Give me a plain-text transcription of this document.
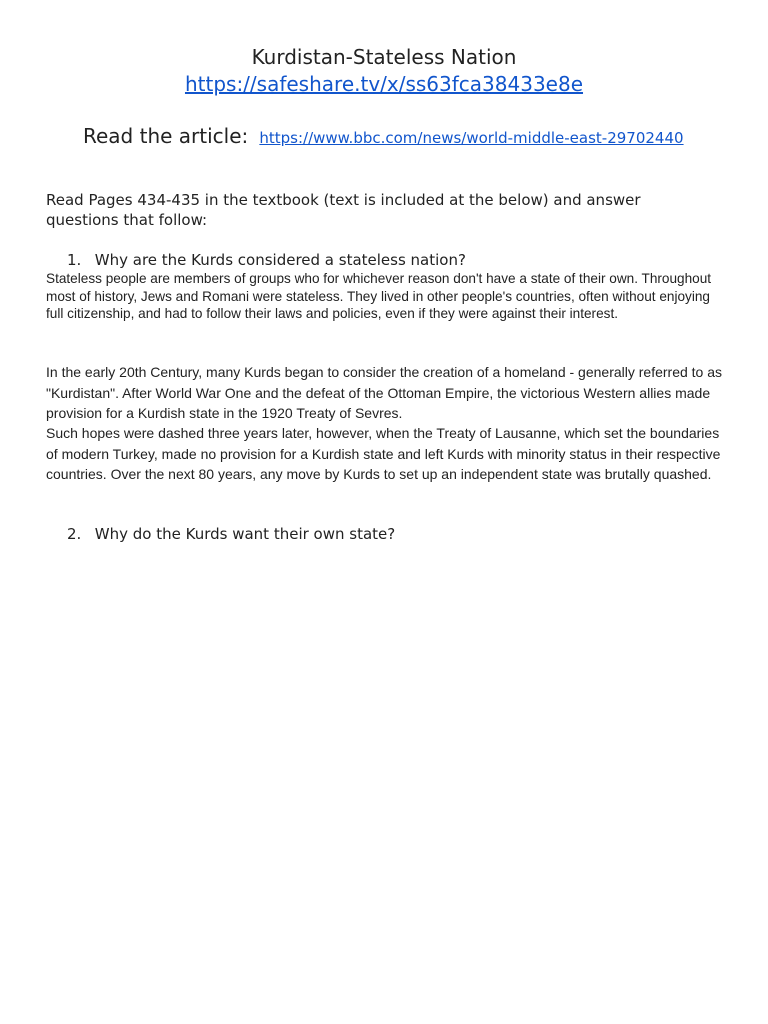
Kurdistan-Stateless Nation
https://safeshare.tv/x/ss63fca38433e8e
Read the article: https://www.bbc.com/news/world-middle-east-29702440
Read Pages 434-435 in the textbook (text is included at the below) and answer questions that follow:
1. Why are the Kurds considered a stateless nation?
Stateless people are members of groups who for whichever reason don't have a state of their own. Throughout most of history, Jews and Romani were stateless. They lived in other people's countries, often without enjoying full citizenship, and had to follow their laws and policies, even if they were against their interest.
In the early 20th Century, many Kurds began to consider the creation of a homeland - generally referred to as "Kurdistan". After World War One and the defeat of the Ottoman Empire, the victorious Western allies made provision for a Kurdish state in the 1920 Treaty of Sevres.
Such hopes were dashed three years later, however, when the Treaty of Lausanne, which set the boundaries of modern Turkey, made no provision for a Kurdish state and left Kurds with minority status in their respective countries. Over the next 80 years, any move by Kurds to set up an independent state was brutally quashed.
2. Why do the Kurds want their own state?
